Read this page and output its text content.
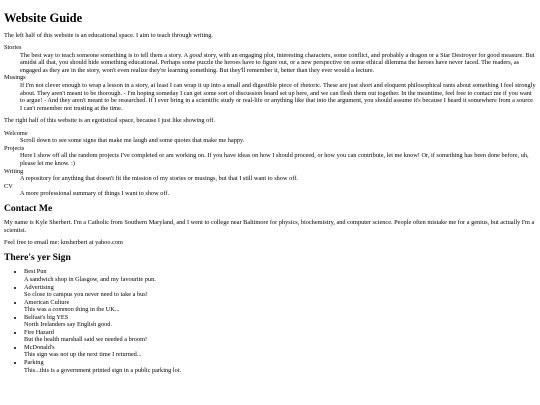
Website Guide

The left half of this website is an educational space. I aim to teach through writing.

Stories
The best way to teach someone something is to tell them a story. A good story, with an engaging plot, interesting characters, some conflict, and probably a dragon or a Star Destroyer for good measure. But amidst all that, you should hide something educational. Perhaps some puzzle the heroes have to figure out, or a new perspective on some ethical dilemma the heroes have never faced. The readers, as engaged as they are in the story, won't even realize they're learning something. But they'll remember it, better than they ever would a lecture.
Musings
If I'm not clever enough to wrap a lesson in a story, at least I can wrap it up into a small and digestible piece of rhetoric. These are just short and eloquent philosophical rants about something I feel strongly about. They aren't meant to be thorough. - I'm hoping someday I can get some sort of discussion board set up here, and we can flesh them out together. In the meantime, feel free to contact me if you want to argue! - And they aren't meant to be researched. If I ever bring in a scientific study or real-life or anything like that into the argument, you should assume it's because I heard it somewhere from a source I can't remember not trusting at the time.

The right half of this website is an egotistical space, because I just like showing off.

Welcome
Scroll down to see some signs that make me laugh and some quotes that make me happy.
Projects
Here I show off all the random projects I've completed or am working on. If you have ideas on how I should proceed, or how you can contribute, let me know! Or, if something has been done before, uh, please let me know. :)
Writing
A repository for anything that doesn't fit the mission of my stories or musings, but that I still want to show off.
CV
A more professional summary of things I want to show off.
Contact Me

My name is Kyle Sherbert. I'm a Catholic from Southern Maryland, and I went to college near Baltimore for physics, biochemistry, and computer science. People often mistake me for a genius, but actually I'm a scientist.

Feel free to email me: knsherbert at yahoo.com

There's yer Sign
• Best Pun
A sandwich shop in Glasgow, and my favourite pun.
• Advertising
So close to campus you never need to take a bus!
• American Culture
This was a common thing in the UK...
• Belfast's big YES
North Irelanders say English good.
• Fire Hazard
But the health marshall said we needed a broom!
• McDonald's
This sign was not up the next time I returned...
• Parking
This...this is a government printed sign in a public parking lot.
